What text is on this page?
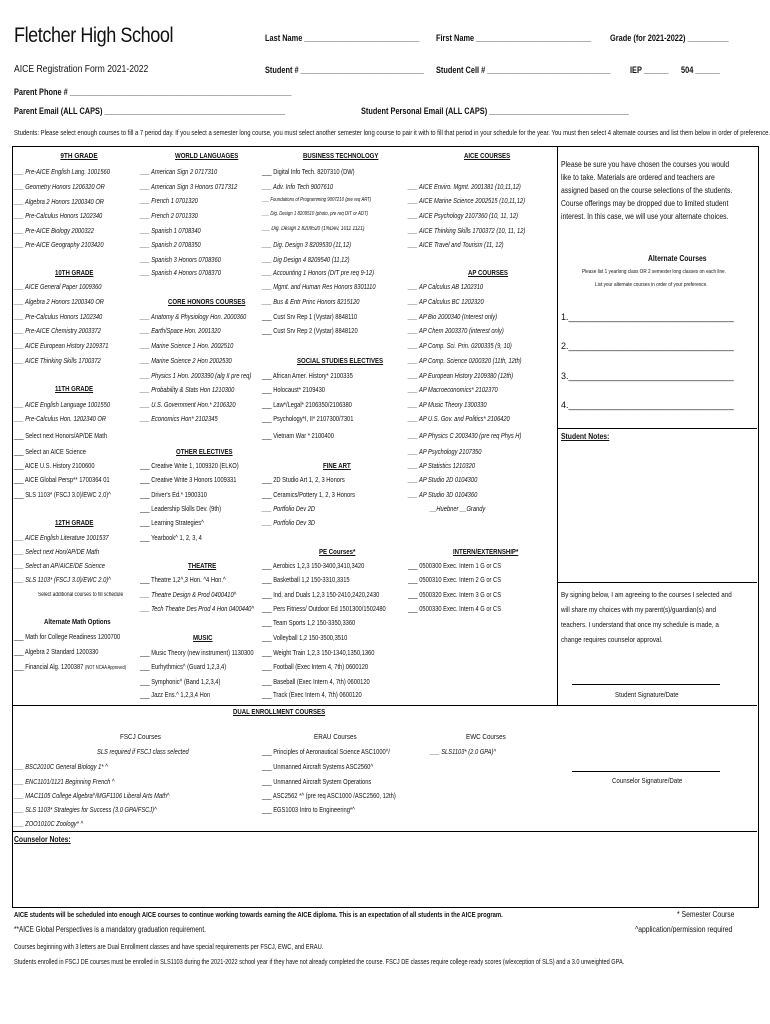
Fletcher High School	Last Name ____________________________ First Name ____________________________ Grade (for 2021-2022) __________
AICE Registration Form 2021-2022	Student # ______________________________ Student Cell # ______________________________ IEP ______ 504 ______
Parent Phone # ______________________________________________________
Parent Email (ALL CAPS) ____________________________________________	Student Personal Email (ALL CAPS) __________________________________
Students: Please select enough courses to fill a 7 period day. If you select a semester long course, you must select another semester long course to pair it with to fill that period in your schedule for the year. You must then select 4 alternate courses and list them below in order of preference.
9TH GRADE
___ Pre-AICE English Lang. 1001560
___ Geometry Honors 1206320 OR
___ Algebra 2 Honors 1200340 OR
___ Pre-Calculus Honors 1202340
___ Pre-AICE Biology 2000322
___ Pre-AICE Geography 2103420
10TH GRADE
___ AICE General Paper 1009360
___ Algebra 2 Honors 1200340 OR
___ Pre-Calculus Honors 1202340
___ Pre-AICE Chemistry 2003372
___ AICE European History 2109371
___ AICE Thinking Skills 1700372
11TH GRADE
___ AICE English Language 1001550
___ Pre-Calculus Hon. 1202340 OR
___ Select next Honors/AP/DE Math
___ Select an AICE Science
___ AICE U.S. History 2100600
___ AICE Global Persp** 1700364 01
___ SLS 1103* (FSCJ 3.0)/EWC 2.0)^
12TH GRADE
___ AICE English Literature 1001537
___ Select next Hon/AP/DE Math
___ Select an AP/AICE/DE Science
___ SLS 1103* (FSCJ 3.0)/EWC 2.0)^
Select additional courses to fill schedule
Alternate Math Options
___ Math for College Readiness 1200700
___ Algebra 2 Standard 1200330
___ Financial Alg. 1200387 (NOT NCAA Approved)
WORLD LANGUAGES
___ American Sign 2 0717310
___ American Sign 3 Honors 0717312
___ French 1 0701320
___ French 2 0701330
___ Spanish 1 0708340
___ Spanish 2 0708350
___ Spanish 3 Honors 0708360
___ Spanish 4 Honors 0708370
CORE HONORS COURSES
___ Anatomy & Physiology Hon. 2000360
___ Earth/Space Hon. 2001320
___ Marine Science 1 Hon. 2002510
___ Marine Science 2 Hon 2002530
___ Physics 1 Hon. 2003390 (alg II pre req)
___ Probability & Stats Hon 1210300
___ U.S. Government Hon.* 2106320
___ Economics Hon* 2102345
OTHER ELECTIVES
___ Creative Write 1, 1009320 (ELKO)
___ Creative Write 3 Honors 1009331
___ Driver's Ed.* 1900310
___ Leadership Skills Dev. (9th)
___ Learning Strategies^
___ Yearbook^ 1, 2, 3, 4
THEATRE
___ Theatre 1,2^,3 Hon. ^4 Hon.^
___ Theatre Design & Prod 0400410^
___ Tech Theatre Des Prod 4 Hon 0400440^
MUSIC
___ Music Theory (new instrument) 1130300
___ Eurhythmics^ (Guard 1,2,3,4)
___ Symphonic^ (Band 1,2,3,4)
___ Jazz Ens.^ 1,2,3,4 Hon
BUSINESS TECHNOLOGY
___ Digital Info Tech. 8207310 (DW)
___ Adv. Info Tech 9007610
___ Foundations of Programming 9007210 (pre req ART)
___ Dig. Design 1 8209510 (photo, pre req DIT or ADT)
___ Dig. Design 2 8209520 (1%Dev, 1011 1121)
___ Dig. Design 3 8209530 (11,12)
___ Dig Design 4 8209540 (11,12)
___ Accounting 1 Honors (DIT pre req 9-12)
___ Mgmt. and Human Res Honors 8301110
___ Bus & Entr Princ Honors 8215120
___ Cust Srv Rep 1 (Vystar) 8848110
___ Cust Srv Rep 2 (Vystar) 8848120
SOCIAL STUDIES ELECTIVES
___ African Amer. History* 2100335
___ Holocaust* 2109430
___ Law*/Legal* 2106350/2106380
___ Psychology*I, II* 2107300/7301
___ Vietnam War * 2100400
FINE ART
___ 2D Studio Art 1, 2, 3 Honors
___ Ceramics/Pottery 1, 2, 3 Honors
___ Portfolio Dev 2D
___ Portfolio Dev 3D
PE Courses*
___ Aerobics 1,2,3 150-3400,3410,3420
___ Basketball 1,2 150-3310,3315
___ Ind. and Duals 1,2,3 150-2410,2420,2430
___ Pers Fitness/ Outdoor Ed 1501300/1502480
___ Team Sports 1,2 150-3350,3360
___ Volleyball 1,2 150-3500,3510
___ Weight Train 1,2,3 150-1340,1350,1360
___ Football (Exec Intern 4, 7th) 0600120
___ Baseball (Exec Intern 4, 7th) 0600120
___ Track (Exec Intern 4, 7th) 0600120
AICE COURSES
___ AICE Enviro. Mgmt. 2001381 (10,11,12)
___ AICE Marine Science 2002515 (10,11,12)
___ AICE Psychology 2107360 (10, 11, 12)
___ AICE Thinking Skills 1700372 (10, 11, 12)
___ AICE Travel and Tourism (11, 12)
AP COURSES
___ AP Calculus AB 1202310
___ AP Calculus BC 1202320
___ AP Bio 2000340 (Interest only)
___ AP Chem 2003370 (interest only)
___ AP Comp. Sci. Prin. 0200335 (9, 10)
___ AP Comp. Science 0200320 (11th, 12th)
___ AP European History 2109380 (12th)
___ AP Macroeconomics* 2102370
___ AP Music Theory 1300330
___ AP U.S. Gov. and Politics* 2106420
___ AP Physics C 2003430 (pre req Phys H)
___ AP Psychology 2107350
___ AP Statistics 1210320
___ AP Studio 2D 0104300
___ AP Studio 3D 0104360
__Huebner __Grandy
INTERN/EXTERNSHIP*
___ 0500300 Exec. Intern 1 G or CS
___ 0500310 Exec. Intern 2 G or CS
___ 0500320 Exec. Intern 3 G or CS
___ 0500330 Exec. Intern 4 G or CS
Please be sure you have chosen the courses you would like to take. Materials are ordered and teachers are assigned based on the course selections of the students. Course offerings may be dropped due to limited student interest. In this case, we will use your alternate choices.
Alternate Courses
Please list 1 yearlong class OR 2 semester long classes on each line.
List your alternate courses in order of your preference.
1._________________________________
2._________________________________
3._________________________________
4._________________________________
Student Notes:
By signing below, I am agreeing to the courses I selected and will share my choices with my parent(s)/guardian(s) and teachers. I understand that once my schedule is made, a change requires counselor approval.
Student Signature/Date
DUAL ENROLLMENT COURSES
FSCJ Courses
SLS required if FSCJ class selected
___ BSC2010C General Biology 1* ^
___ ENC1101/1121 Beginning French ^
___ MAC1105 College Algebra^/MGF1106 Liberal Arts Math^
___ SLS 1103* Strategies for Success (3.0 GPA/FSCJ)^
___ ZOO1010C Zoology* ^
ERAU Courses
___ Principles of Aeronautical Science ASC1000^/
___ Unmanned Aircraft Systems ASC2560^
___ Unmanned Aircraft System Operations
___ ASC2562 *^ (pre req ASC1000 /ASC2560, 12th)
___ EGS1003 Intro to Engineering*^
EWC Courses
___ SLS1103* (2.0 GPA)^
Counselor Signature/Date
Counselor Notes:
AICE students will be scheduled into enough AICE courses to continue working towards earning the AICE diploma. This is an expectation of all students in the AICE program.
**AICE Global Perspectives is a mandatory graduation requirement.
Courses beginning with 3 letters are Dual Enrollment classes and have special requirements per FSCJ, EWC, and ERAU.
Students enrolled in FSCJ DE courses must be enrolled in SLS1103 during the 2021-2022 school year if they have not already completed the course. FSCJ DE classes require college ready scores (w/exception of SLS) and a 3.0 unweighted GPA.
* Semester Course
^application/permission required
